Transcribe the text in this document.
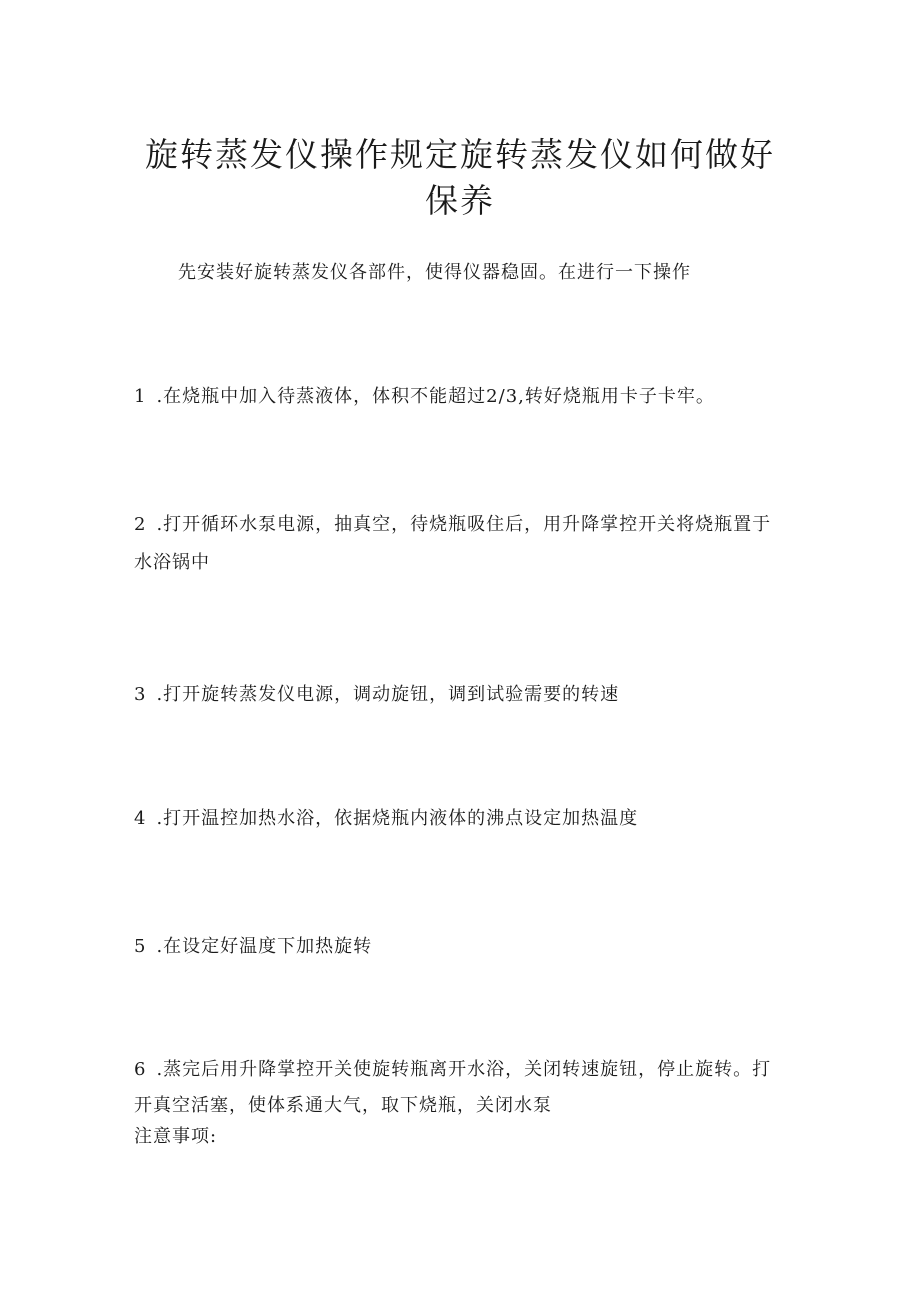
旋转蒸发仪操作规定旋转蒸发仪如何做好保养

先安装好旋转蒸发仪各部件，使得仪器稳固。在进行一下操作

1 .在烧瓶中加入待蒸液体，体积不能超过2/3,转好烧瓶用卡子卡牢。

2 .打开循环水泵电源，抽真空，待烧瓶吸住后，用升降掌控开关将烧瓶置于水浴锅中

3 .打开旋转蒸发仪电源，调动旋钮，调到试验需要的转速

4 .打开温控加热水浴，依据烧瓶内液体的沸点设定加热温度

5 .在设定好温度下加热旋转

6 .蒸完后用升降掌控开关使旋转瓶离开水浴，关闭转速旋钮，停止旋转。打开真空活塞，使体系通大气，取下烧瓶，关闭水泵

注意事项:
